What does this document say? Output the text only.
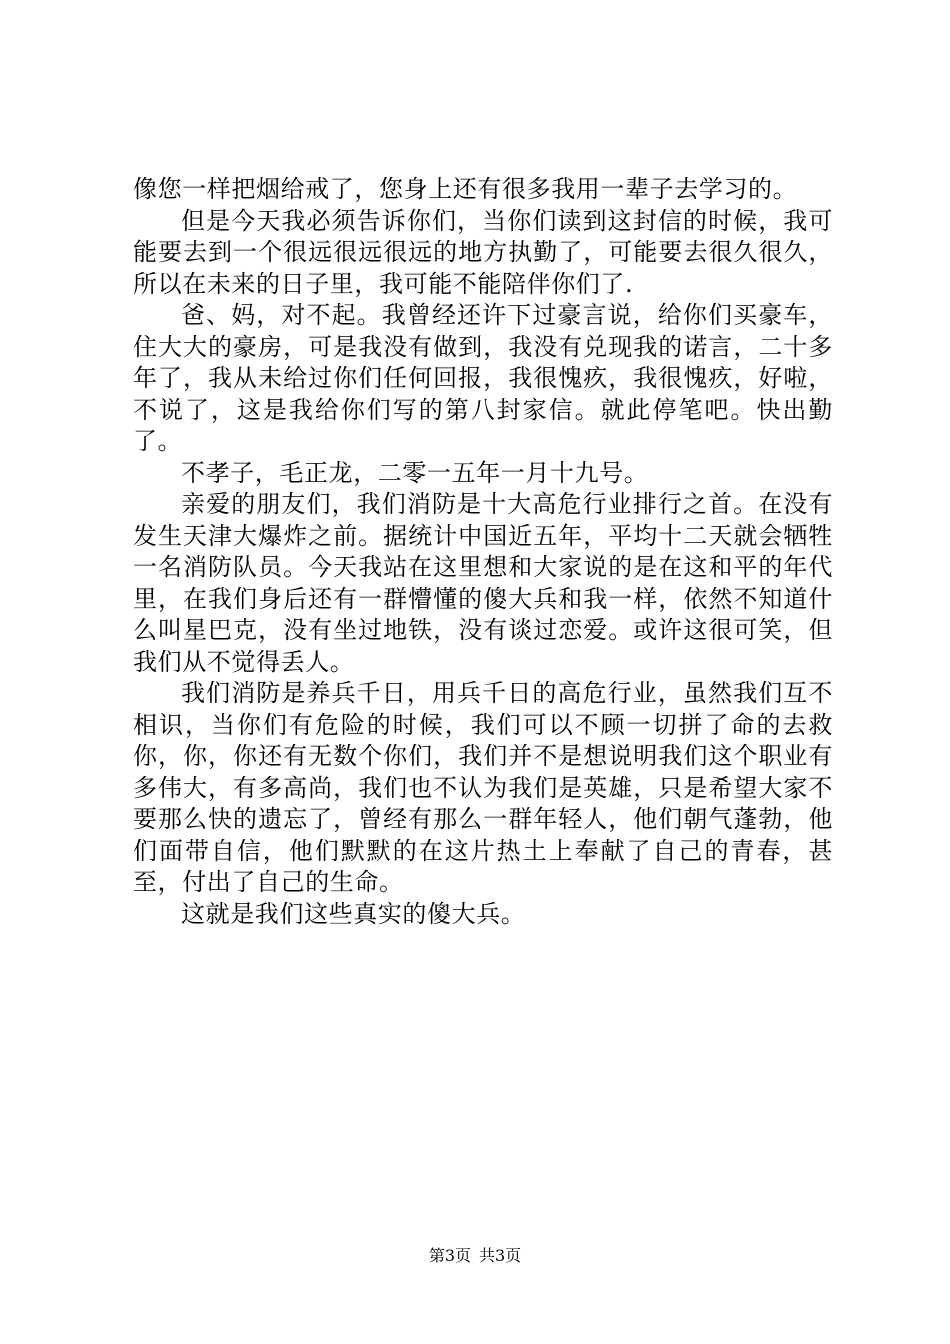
像您一样把烟给戒了，您身上还有很多我用一辈子去学习的。

但是今天我必须告诉你们，当你们读到这封信的时候，我可能要去到一个很远很远很远的地方执勤了，可能要去很久很久，所以在未来的日子里，我可能不能陪伴你们了.

爸、妈，对不起。我曾经还许下过豪言说，给你们买豪车，住大大的豪房，可是我没有做到，我没有兑现我的诺言，二十多年了，我从未给过你们任何回报，我很愧疚，我很愧疚，好啦，不说了，这是我给你们写的第八封家信。就此停笔吧。快出勤了。

不孝子，毛正龙，二零一五年一月十九号。

亲爱的朋友们，我们消防是十大高危行业排行之首。在没有发生天津大爆炸之前。据统计中国近五年，平均十二天就会牺牲一名消防队员。今天我站在这里想和大家说的是在这和平的年代里，在我们身后还有一群懵懂的傻大兵和我一样，依然不知道什么叫星巴克，没有坐过地铁，没有谈过恋爱。或许这很可笑，但我们从不觉得丢人。

我们消防是养兵千日，用兵千日的高危行业，虽然我们互不相识，当你们有危险的时候，我们可以不顾一切拼了命的去救你，你，你还有无数个你们，我们并不是想说明我们这个职业有多伟大，有多高尚，我们也不认为我们是英雄，只是希望大家不要那么快的遗忘了，曾经有那么一群年轻人，他们朝气蓬勃，他们面带自信，他们默默的在这片热土上奉献了自己的青春，甚至，付出了自己的生命。

这就是我们这些真实的傻大兵。

第3页 共3页
